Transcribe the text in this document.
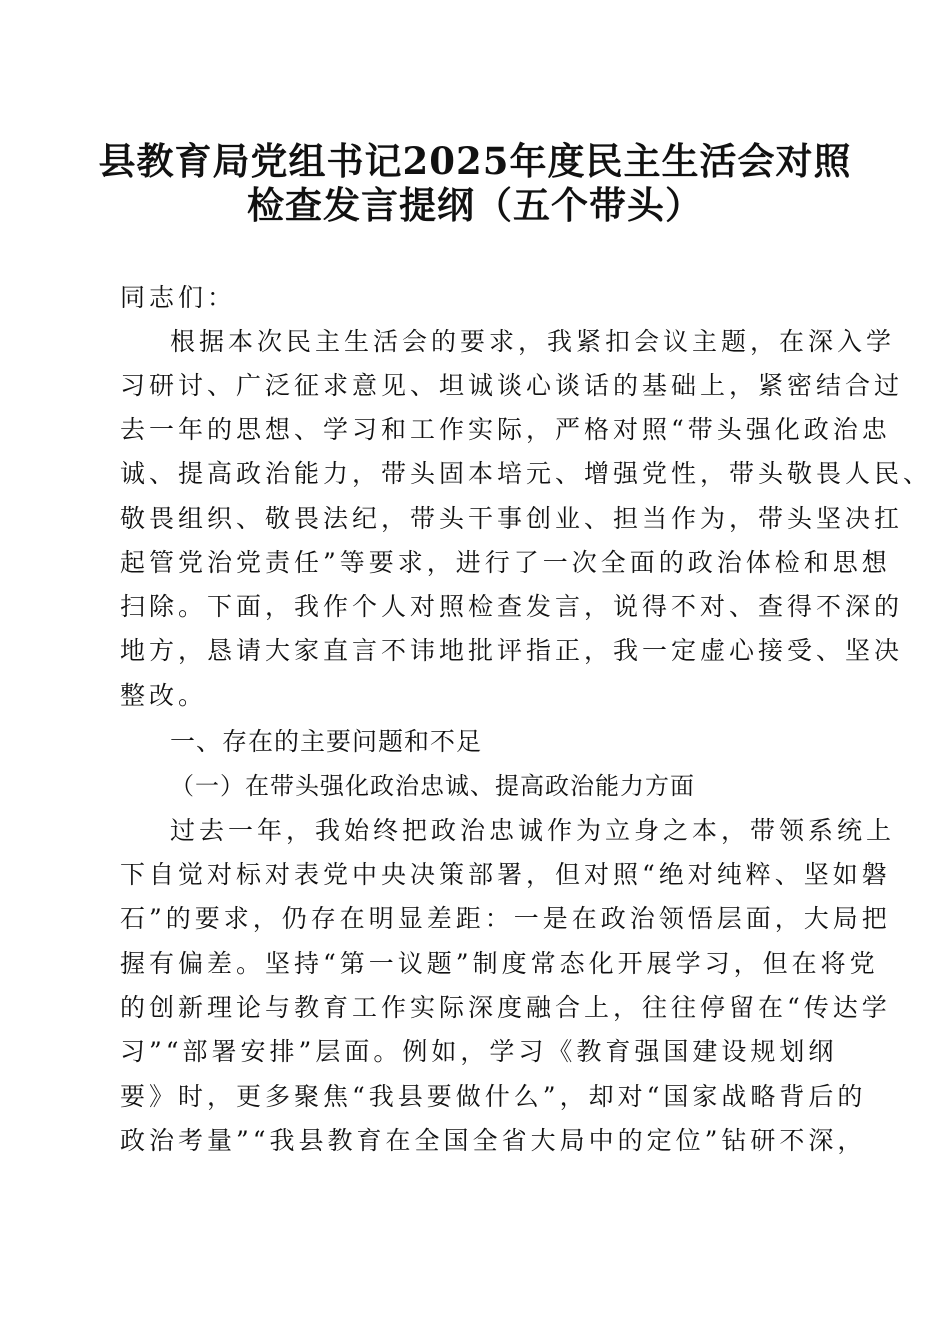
县教育局党组书记2025年度民主生活会对照
检查发言提纲（五个带头）
同志们：
根据本次民主生活会的要求，我紧扣会议主题，在深入学
习研讨、广泛征求意见、坦诚谈心谈话的基础上，紧密结合过
去一年的思想、学习和工作实际，严格对照“带头强化政治忠
诚、提高政治能力，带头固本培元、增强党性，带头敬畏人民、
敬畏组织、敬畏法纪，带头干事创业、担当作为，带头坚决扛
起管党治党责任”等要求，进行了一次全面的政治体检和思想
扫除。下面，我作个人对照检查发言，说得不对、查得不深的
地方，恳请大家直言不讳地批评指正，我一定虚心接受、坚决
整改。
一、存在的主要问题和不足
（一）在带头强化政治忠诚、提高政治能力方面
过去一年，我始终把政治忠诚作为立身之本，带领系统上
下自觉对标对表党中央决策部署，但对照“绝对纯粹、坚如磐
石”的要求，仍存在明显差距：一是在政治领悟层面，大局把
握有偏差。坚持“第一议题”制度常态化开展学习，但在将党
的创新理论与教育工作实际深度融合上，往往停留在“传达学
习”“部署安排”层面。例如，学习《教育强国建设规划纲
要》时，更多聚焦“我县要做什么”，却对“国家战略背后的
政治考量”“我县教育在全国全省大局中的定位”钻研不深，
